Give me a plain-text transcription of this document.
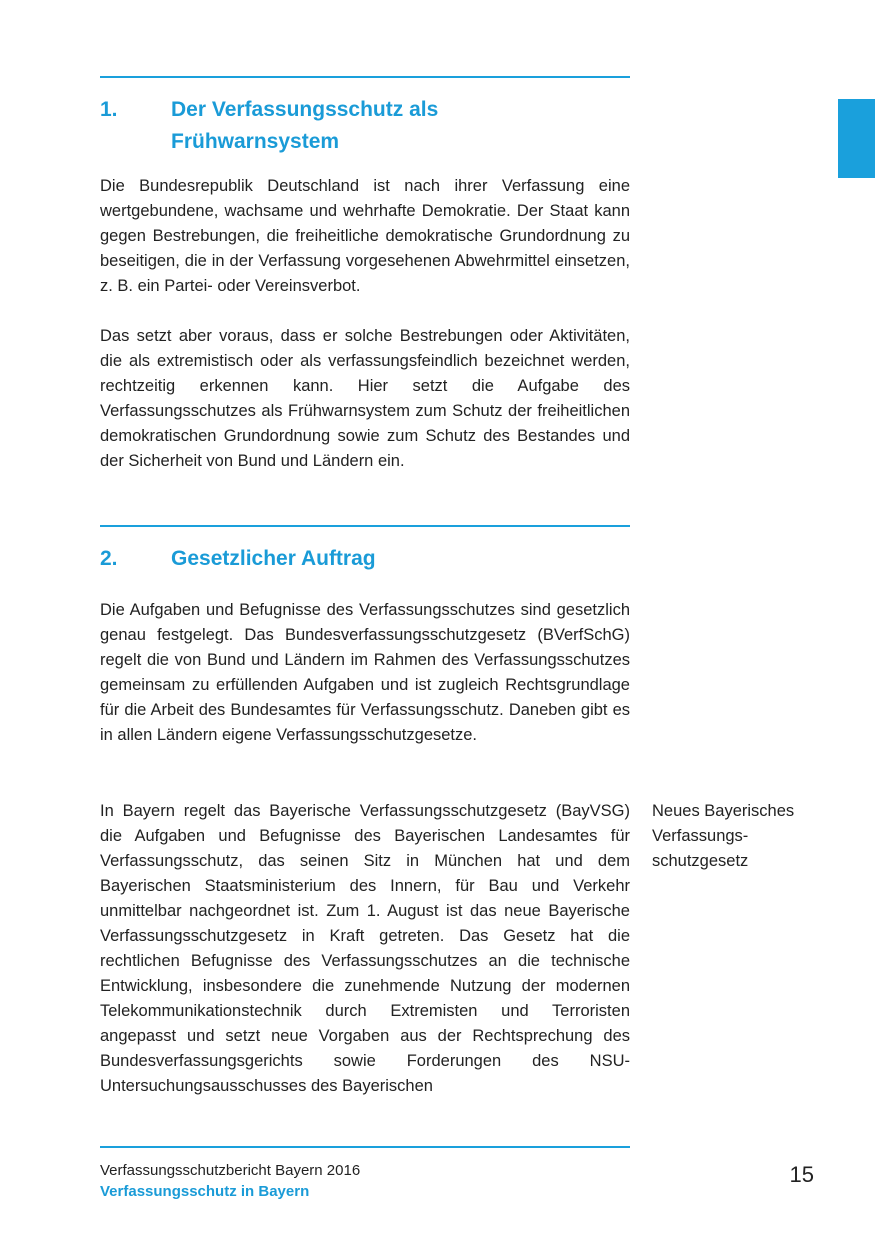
1.	Der Verfassungsschutz als
Frühwarnsystem

Die Bundesrepublik Deutschland ist nach ihrer Verfassung eine wertgebundene, wachsame und wehrhafte Demokratie. Der Staat kann gegen Bestrebungen, die freiheitliche demokratische Grundordnung zu beseitigen, die in der Verfassung vorgesehenen Abwehrmittel einsetzen, z. B. ein Partei- oder Vereinsverbot.

Das setzt aber voraus, dass er solche Bestrebungen oder Aktivitäten, die als extremistisch oder als verfassungsfeindlich bezeichnet werden, rechtzeitig erkennen kann. Hier setzt die Aufgabe des Verfassungsschutzes als Frühwarnsystem zum Schutz der freiheitlichen demokratischen Grundordnung sowie zum Schutz des Bestandes und der Sicherheit von Bund und Ländern ein.

2.	Gesetzlicher Auftrag

Die Aufgaben und Befugnisse des Verfassungsschutzes sind gesetzlich genau festgelegt. Das Bundesverfassungsschutzgesetz (BVerfSchG) regelt die von Bund und Ländern im Rahmen des Verfassungsschutzes gemeinsam zu erfüllenden Aufgaben und ist zugleich Rechtsgrundlage für die Arbeit des Bundesamtes für Verfassungsschutz. Daneben gibt es in allen Ländern eigene Verfassungsschutzgesetze.

In Bayern regelt das Bayerische Verfassungsschutzgesetz (BayVSG) die Aufgaben und Befugnisse des Bayerischen Landesamtes für Verfassungsschutz, das seinen Sitz in München hat und dem Bayerischen Staatsministerium des Innern, für Bau und Verkehr unmittelbar nachgeordnet ist. Zum 1. August ist das neue Bayerische Verfassungsschutzgesetz in Kraft getreten. Das Gesetz hat die rechtlichen Befugnisse des Verfassungsschutzes an die technische Entwicklung, insbesondere die zunehmende Nutzung der modernen Telekommunikationstechnik durch Extremisten und Terroristen angepasst und setzt neue Vorgaben aus der Rechtsprechung des Bundesverfassungsgerichts sowie Forderungen des NSU-Untersuchungsausschusses des Bayerischen

Neues Bayerisches
Verfassungs-
schutzgesetz
Verfassungsschutzbericht Bayern 2016
Verfassungsschutz in Bayern
15
